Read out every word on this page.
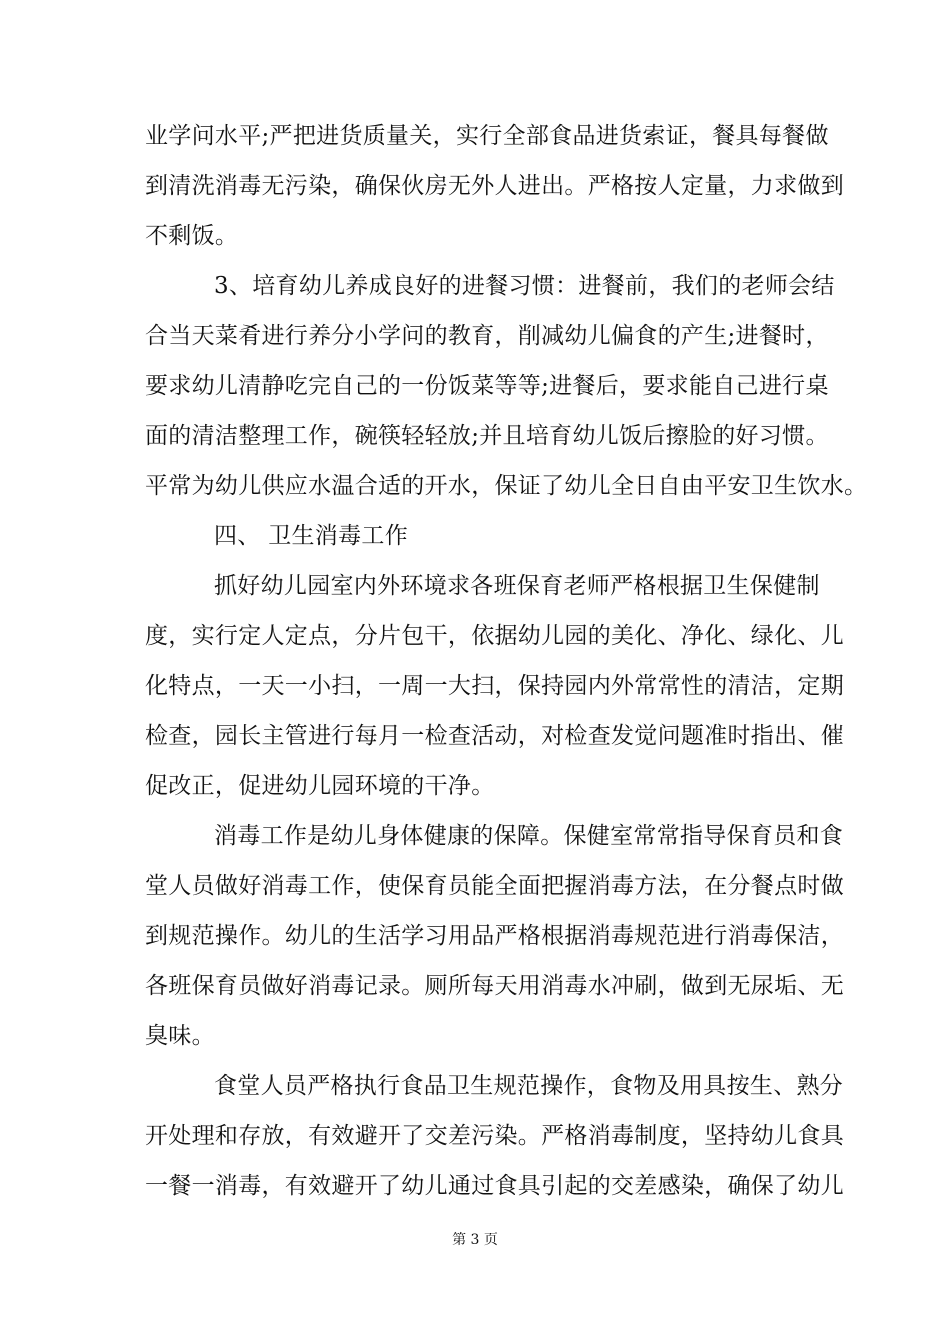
业学问水平;严把进货质量关，实行全部食品进货索证，餐具每餐做
到清洗消毒无污染，确保伙房无外人进出。严格按人定量，力求做到
不剩饭。
3、培育幼儿养成良好的进餐习惯：进餐前，我们的老师会结
合当天菜肴进行养分小学问的教育，削减幼儿偏食的产生;进餐时，
要求幼儿清静吃完自己的一份饭菜等等;进餐后，要求能自己进行桌
面的清洁整理工作，碗筷轻轻放;并且培育幼儿饭后擦脸的好习惯。
平常为幼儿供应水温合适的开水，保证了幼儿全日自由平安卫生饮水。
四、 卫生消毒工作
抓好幼儿园室内外环境求各班保育老师严格根据卫生保健制
度，实行定人定点，分片包干，依据幼儿园的美化、净化、绿化、儿
化特点，一天一小扫，一周一大扫，保持园内外常常性的清洁，定期
检查，园长主管进行每月一检查活动，对检查发觉问题准时指出、催
促改正，促进幼儿园环境的干净。
消毒工作是幼儿身体健康的保障。保健室常常指导保育员和食
堂人员做好消毒工作，使保育员能全面把握消毒方法，在分餐点时做
到规范操作。幼儿的生活学习用品严格根据消毒规范进行消毒保洁，
各班保育员做好消毒记录。厕所每天用消毒水冲刷，做到无尿垢、无
臭味。
食堂人员严格执行食品卫生规范操作，食物及用具按生、熟分
开处理和存放，有效避开了交差污染。严格消毒制度，坚持幼儿食具
一餐一消毒，有效避开了幼儿通过食具引起的交差感染，确保了幼儿
第 3 页
